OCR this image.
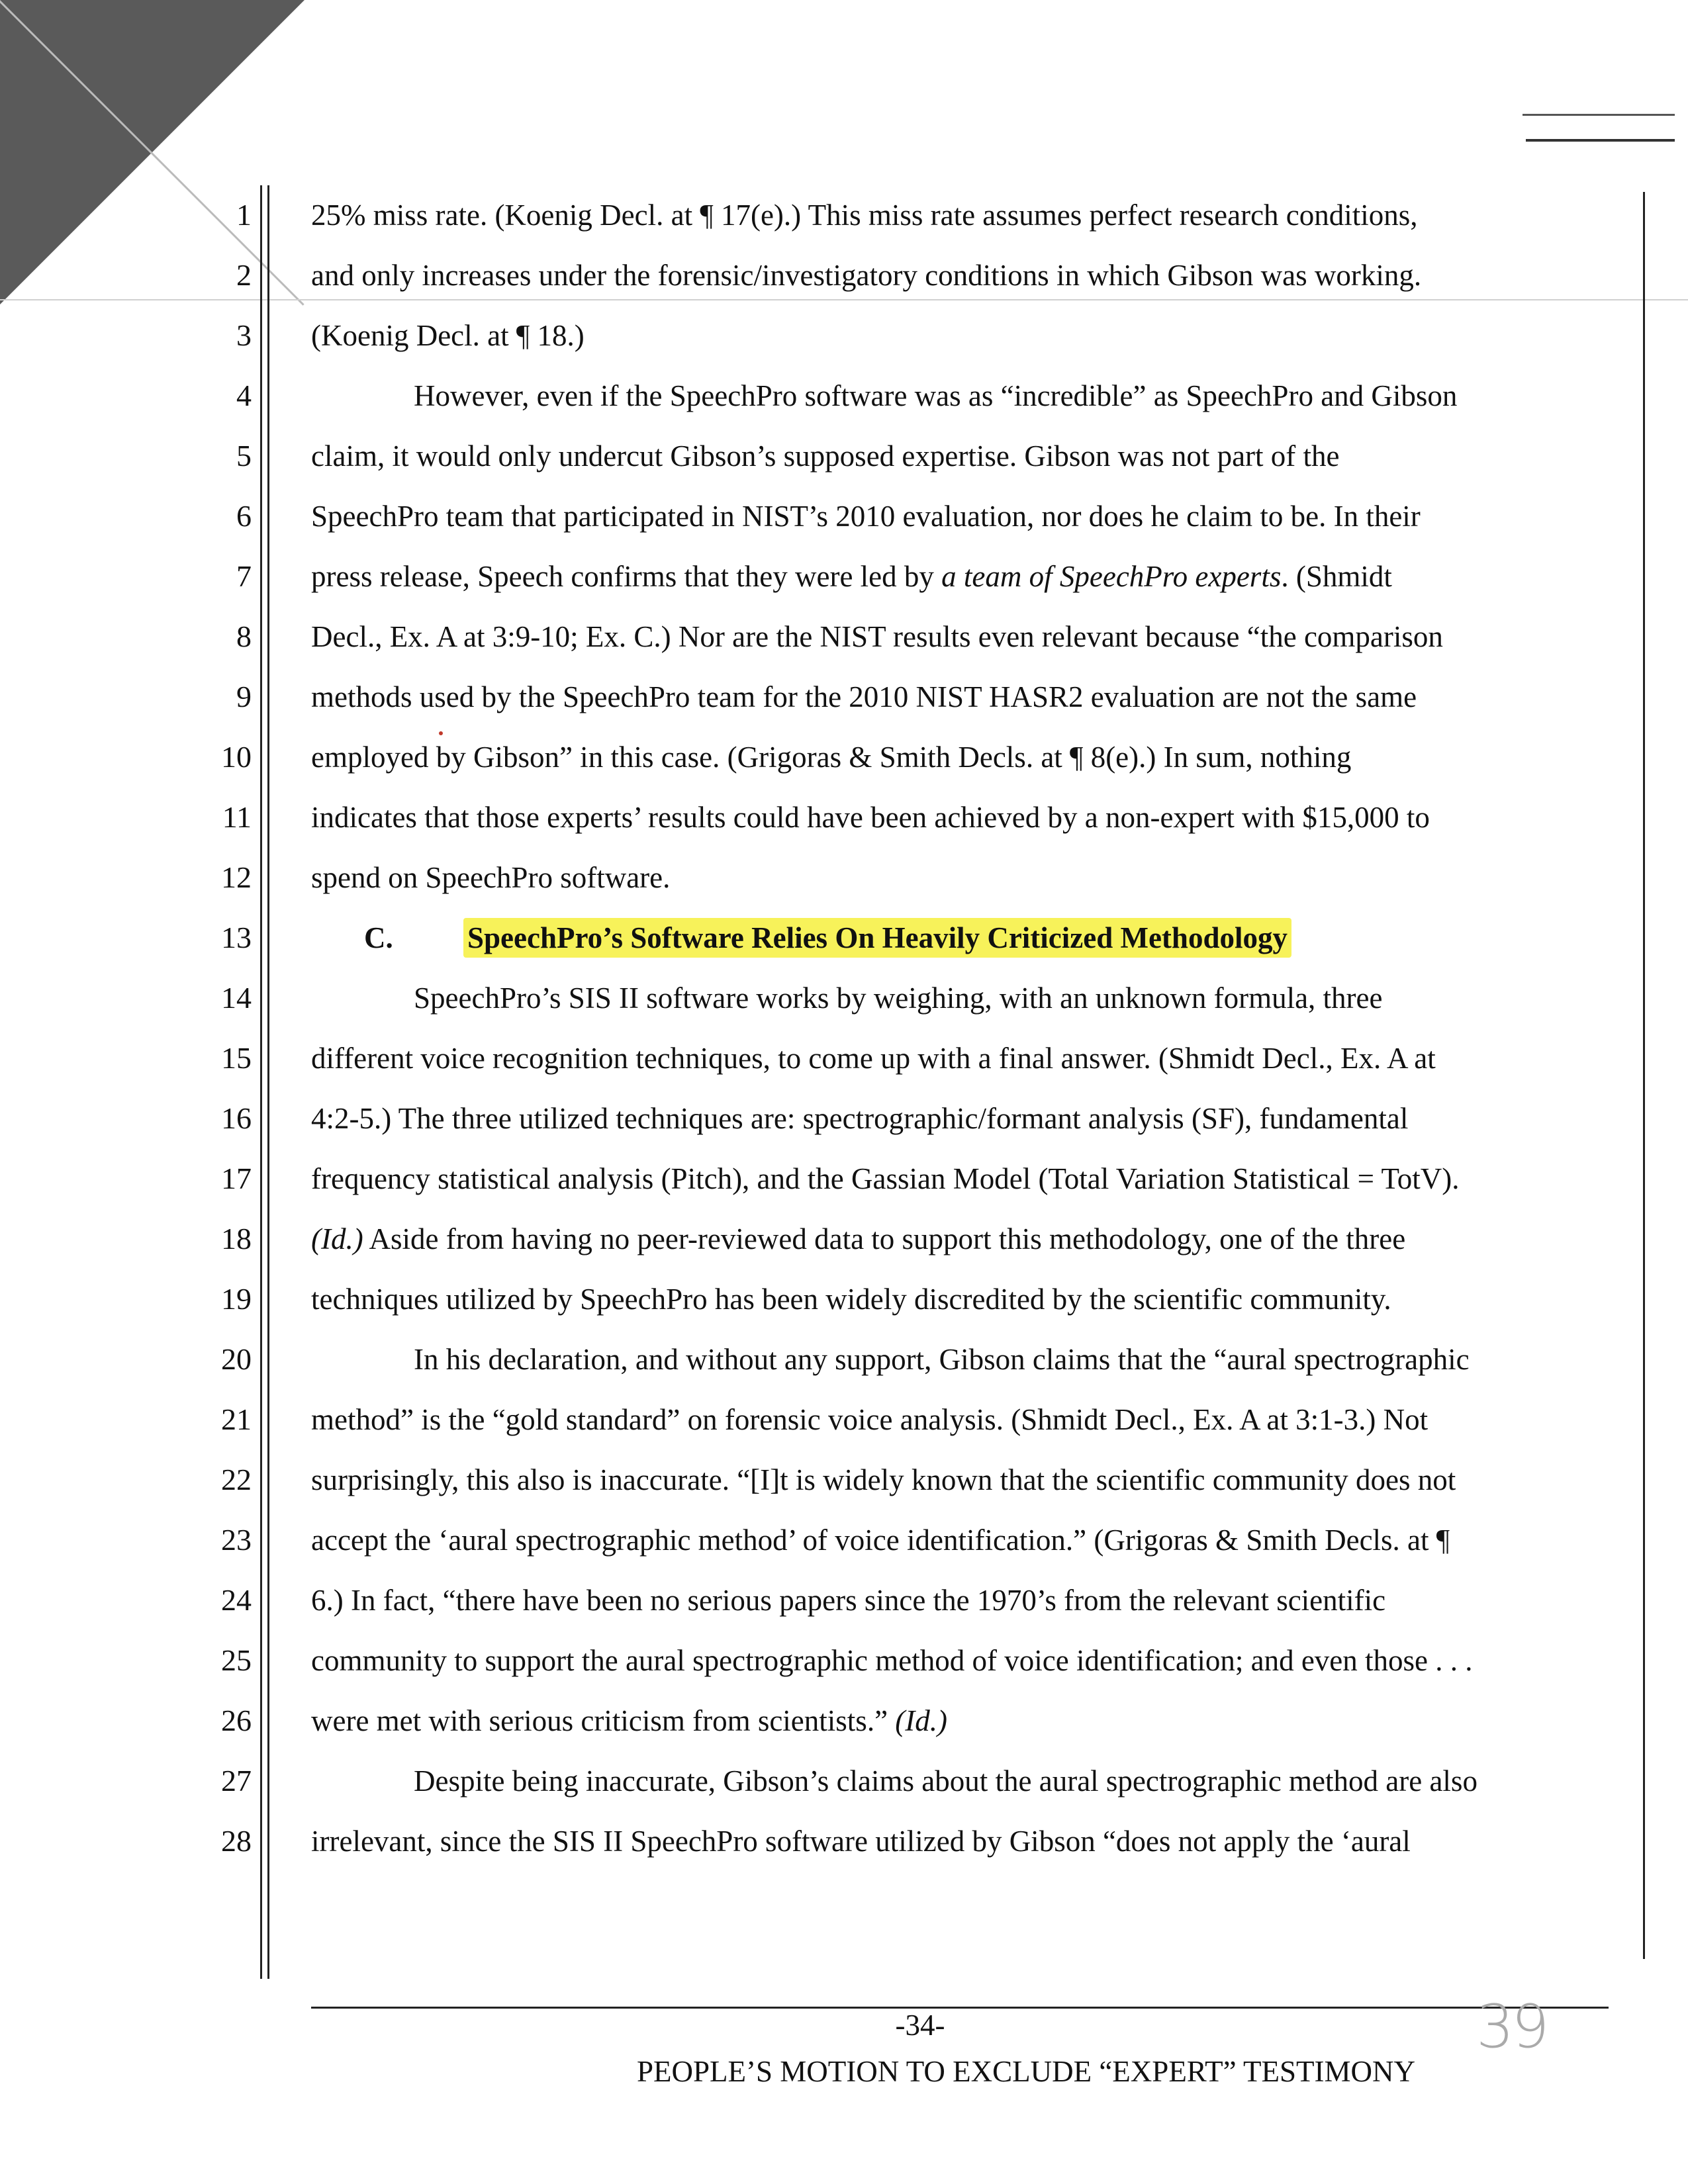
1
2
3
4
5
6
7
8
9
10
11
12
13
14
15
16
17
18
19
20
21
22
23
24
25
26
27
28
25% miss rate. (Koenig Decl. at ¶ 17(e).) This miss rate assumes perfect research conditions,
and only increases under the forensic/investigatory conditions in which Gibson was working.
(Koenig Decl. at ¶ 18.)
However, even if the SpeechPro software was as “incredible” as SpeechPro and Gibson
claim, it would only undercut Gibson’s supposed expertise. Gibson was not part of the
SpeechPro team that participated in NIST’s 2010 evaluation, nor does he claim to be. In their
press release, Speech confirms that they were led by a team of SpeechPro experts. (Shmidt
Decl., Ex. A at 3:9-10; Ex. C.) Nor are the NIST results even relevant because “the comparison
methods used by the SpeechPro team for the 2010 NIST HASR2 evaluation are not the same
employed by Gibson” in this case. (Grigoras & Smith Decls. at ¶ 8(e).) In sum, nothing
indicates that those experts’ results could have been achieved by a non-expert with $15,000 to
spend on SpeechPro software.
C. SpeechPro’s Software Relies On Heavily Criticized Methodology
SpeechPro’s SIS II software works by weighing, with an unknown formula, three
different voice recognition techniques, to come up with a final answer. (Shmidt Decl., Ex. A at
4:2-5.) The three utilized techniques are: spectrographic/formant analysis (SF), fundamental
frequency statistical analysis (Pitch), and the Gassian Model (Total Variation Statistical = TotV).
(Id.) Aside from having no peer-reviewed data to support this methodology, one of the three
techniques utilized by SpeechPro has been widely discredited by the scientific community.
In his declaration, and without any support, Gibson claims that the “aural spectrographic
method” is the “gold standard” on forensic voice analysis. (Shmidt Decl., Ex. A at 3:1-3.) Not
surprisingly, this also is inaccurate. “[I]t is widely known that the scientific community does not
accept the ‘aural spectrographic method’ of voice identification.” (Grigoras & Smith Decls. at ¶
6.) In fact, “there have been no serious papers since the 1970’s from the relevant scientific
community to support the aural spectrographic method of voice identification; and even those . . .
were met with serious criticism from scientists.” (Id.)
Despite being inaccurate, Gibson’s claims about the aural spectrographic method are also
irrelevant, since the SIS II SpeechPro software utilized by Gibson “does not apply the ‘aural
-34-
PEOPLE’S MOTION TO EXCLUDE “EXPERT” TESTIMONY
39
